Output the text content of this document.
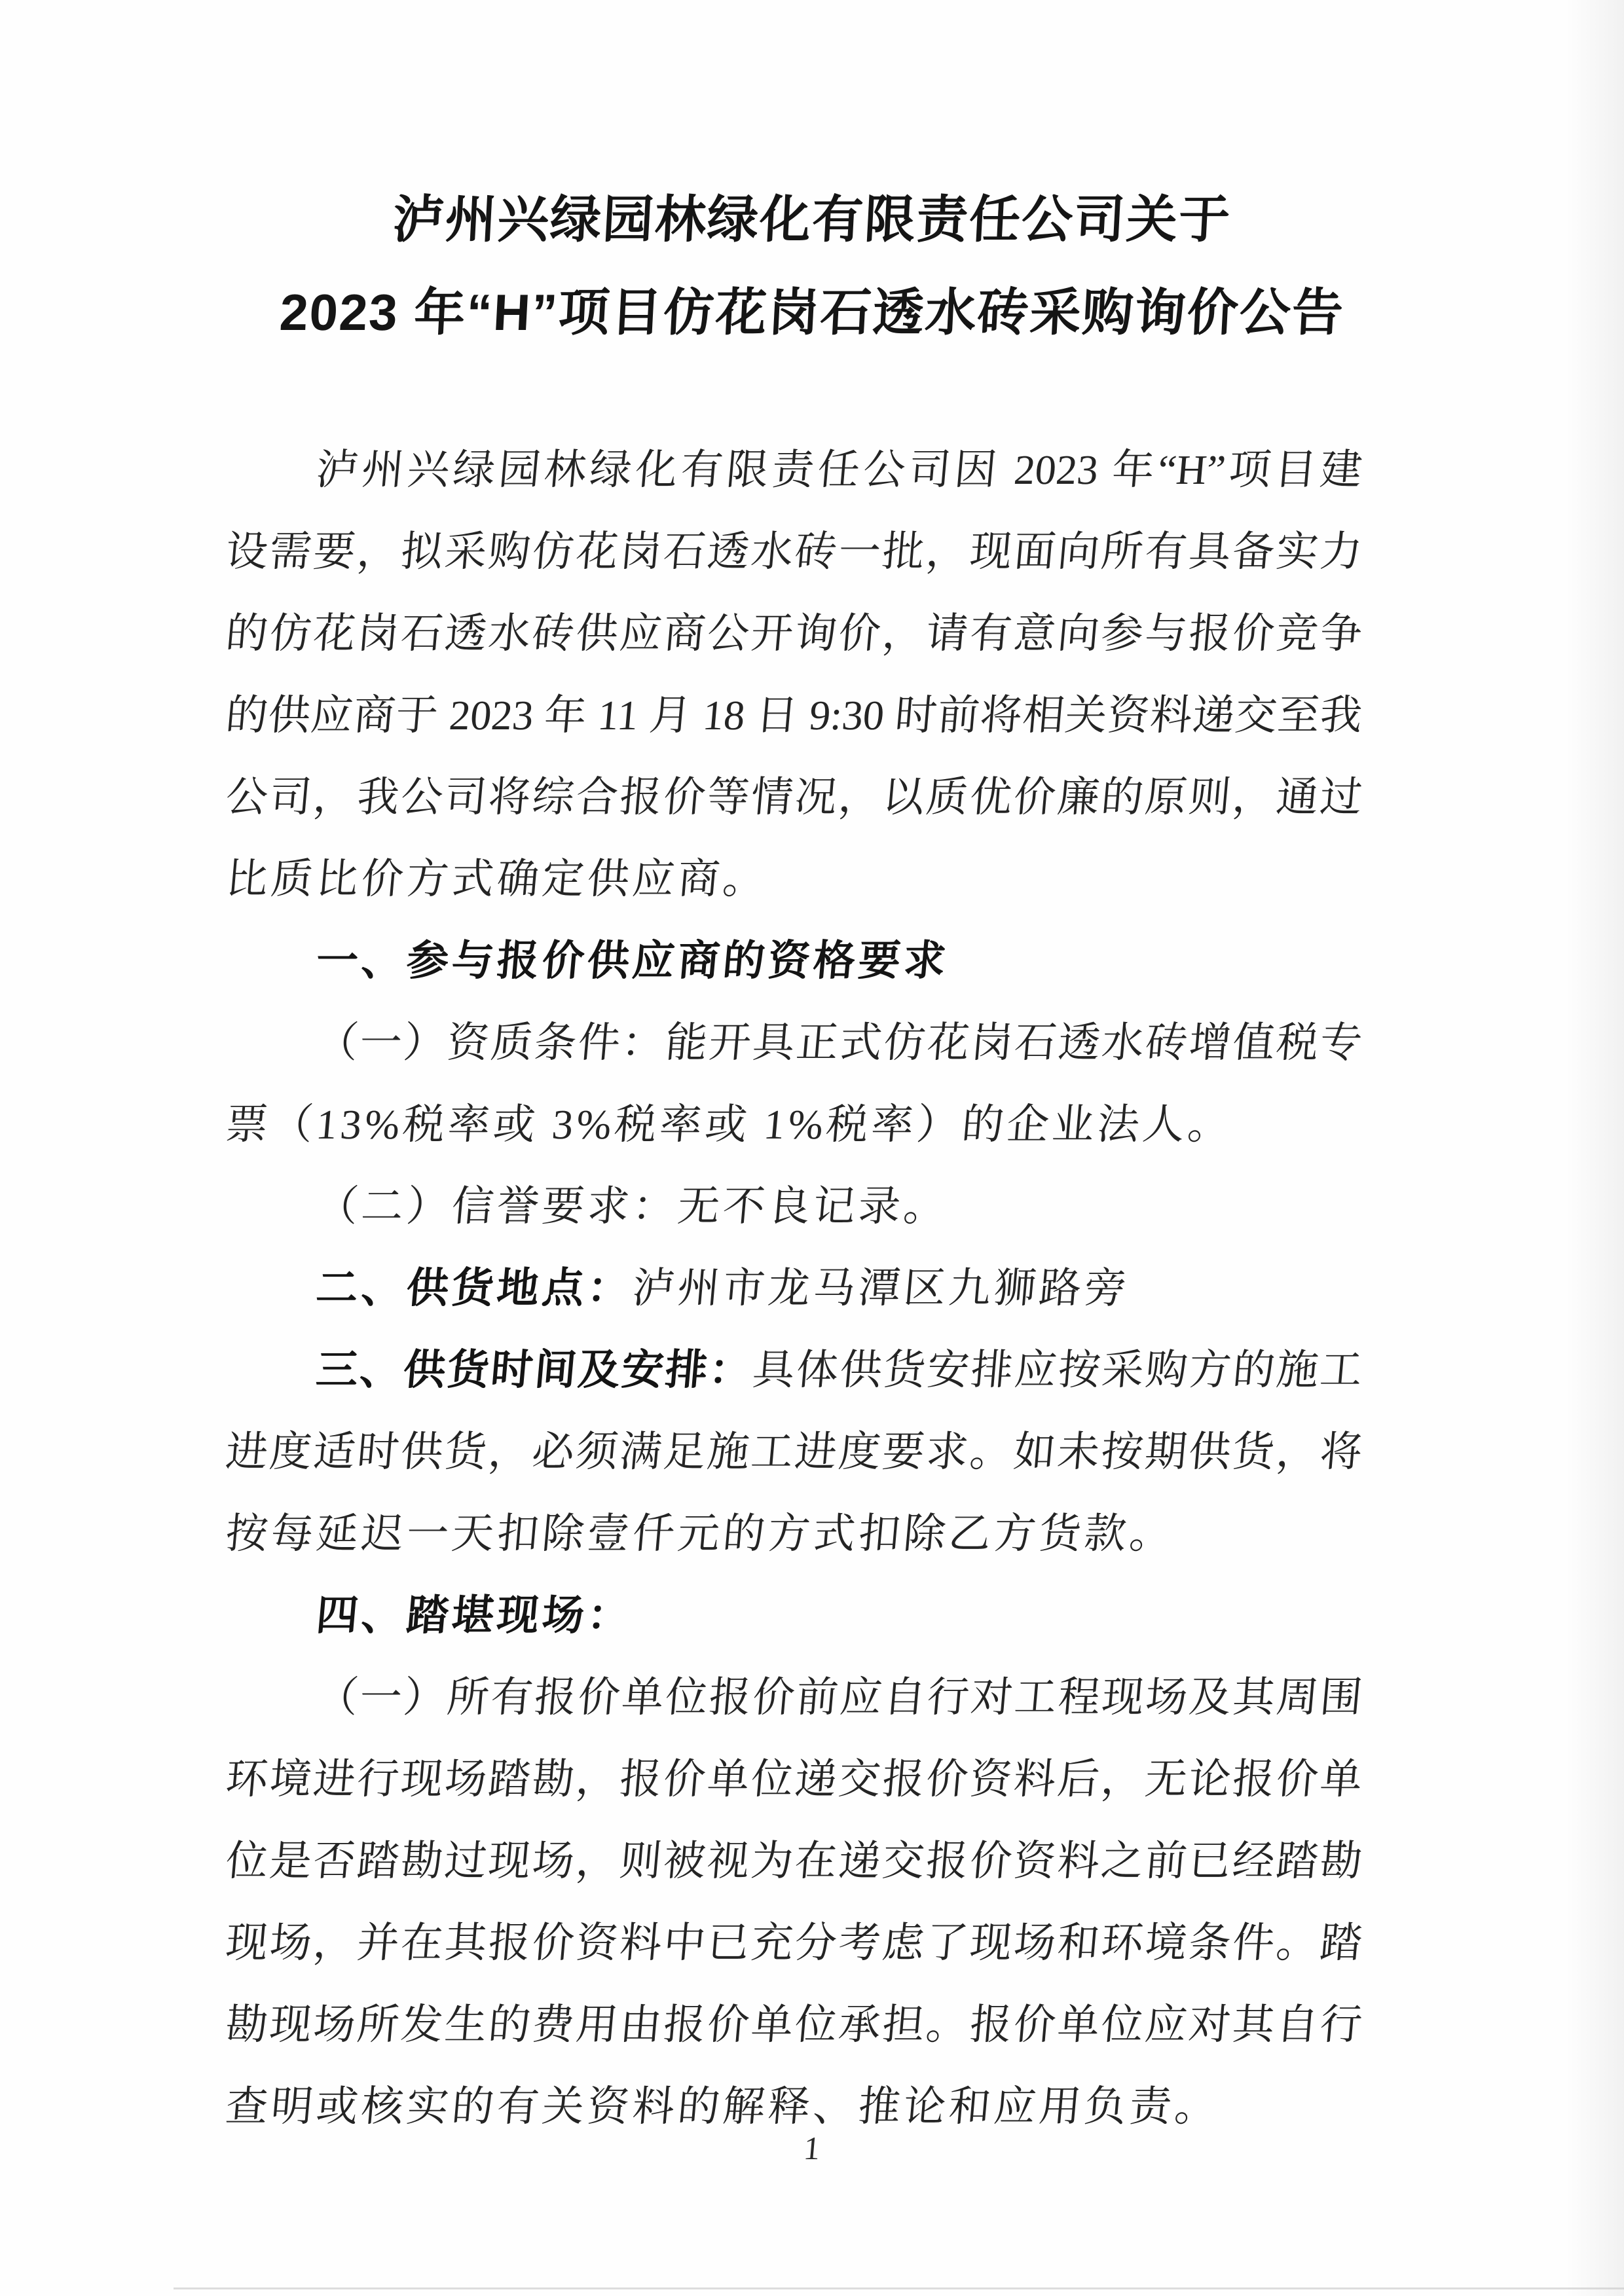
泸州兴绿园林绿化有限责任公司关于
2023 年“H”项目仿花岗石透水砖采购询价公告
泸州兴绿园林绿化有限责任公司因 2023 年“H”项目建
设需要，拟采购仿花岗石透水砖一批，现面向所有具备实力
的仿花岗石透水砖供应商公开询价，请有意向参与报价竞争
的供应商于 2023 年 11 月 18 日 9:30 时前将相关资料递交至我
公司，我公司将综合报价等情况，以质优价廉的原则，通过
比质比价方式确定供应商。
一、参与报价供应商的资格要求
（一）资质条件：能开具正式仿花岗石透水砖增值税专
票（13%税率或 3%税率或 1%税率）的企业法人。
（二）信誉要求：无不良记录。
二、供货地点：泸州市龙马潭区九狮路旁
三、供货时间及安排：具体供货安排应按采购方的施工
进度适时供货，必须满足施工进度要求。如未按期供货，将
按每延迟一天扣除壹仟元的方式扣除乙方货款。
四、踏堪现场：
（一）所有报价单位报价前应自行对工程现场及其周围
环境进行现场踏勘，报价单位递交报价资料后，无论报价单
位是否踏勘过现场，则被视为在递交报价资料之前已经踏勘
现场，并在其报价资料中已充分考虑了现场和环境条件。踏
勘现场所发生的费用由报价单位承担。报价单位应对其自行
查明或核实的有关资料的解释、推论和应用负责。
1
